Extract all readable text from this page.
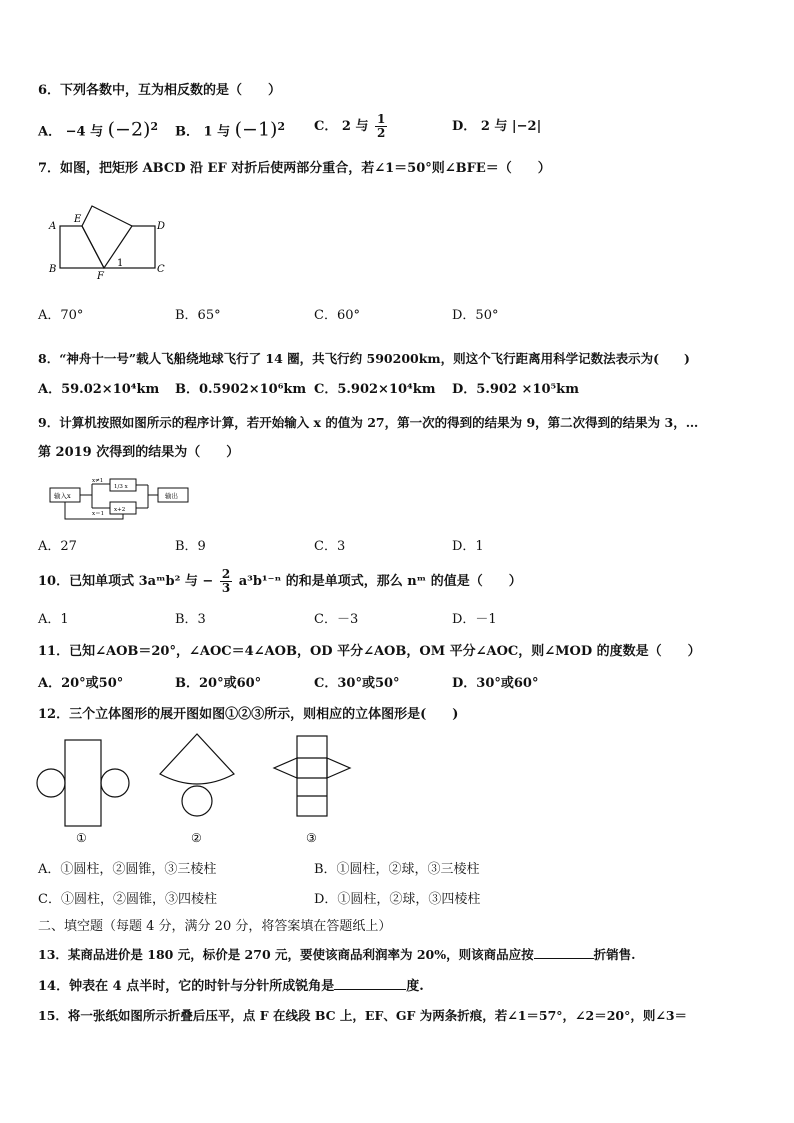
6．下列各数中，互为相反数的是（　　）
A． −4 与 $(-2)^2$ B． 1 与 $(-1)^2$ C． 2 与 $\frac{1}{2}$	D． 2 与 |−2|
7．如图，把矩形 ABCD 沿 EF 对折后使两部分重合，若∠1＝50°则∠BFE＝（　　）
A
B	C
D
E
F
1
A．70°	B．65°	C．60°	D．50°
8．“神舟十一号”载人飞船绕地球飞行了 14 圈，共飞行约 590200km，则这个飞行距离用科学记数法表示为(　　)
A．59.02×10⁴km B．0.5902×10⁶km C．5.902×10⁴km D．5.902 ×10⁵km
9．计算机按照如图所示的程序计算，若开始输入 x 的值为 27，第一次的得到的结果为 9，第二次得到的结果为 3，…
第 2019 次得到的结果为（　　）
输入x
x≠1
x＝1
1/3 x
x+2
输出
A．27	B．9	C．3	D．1
10．已知单项式 3aᵐb² 与 − $\frac{2}{3} a^3b^{1-n}$ 的和是单项式，那么 nᵐ 的值是（　　）
A．1	B．3	C．－3	D．－1
11．已知∠AOB＝20°，∠AOC＝4∠AOB，OD 平分∠AOB，OM 平分∠AOC，则∠MOD 的度数是（　　）
A．20°或50°	B．20°或60°	C．30°或50°	D．30°或60°
12．三个立体图形的展开图如图①②③所示，则相应的立体图形是(　　)
①	②	③
A．①圆柱，②圆锥，③三棱柱	B．①圆柱，②球，③三棱柱
C．①圆柱，②圆锥，③四棱柱	D．①圆柱，②球，③四棱柱
二、填空题（每题 4 分，满分 20 分，将答案填在答题纸上）
13．某商品进价是 180 元，标价是 270 元，要使该商品利润率为 20%，则该商品应按	折销售.
14．钟表在 4 点半时，它的时针与分针所成锐角是	度.
15．将一张纸如图所示折叠后压平，点 F 在线段 BC 上，EF、GF 为两条折痕，若∠1＝57°，∠2＝20°，则∠3＝
